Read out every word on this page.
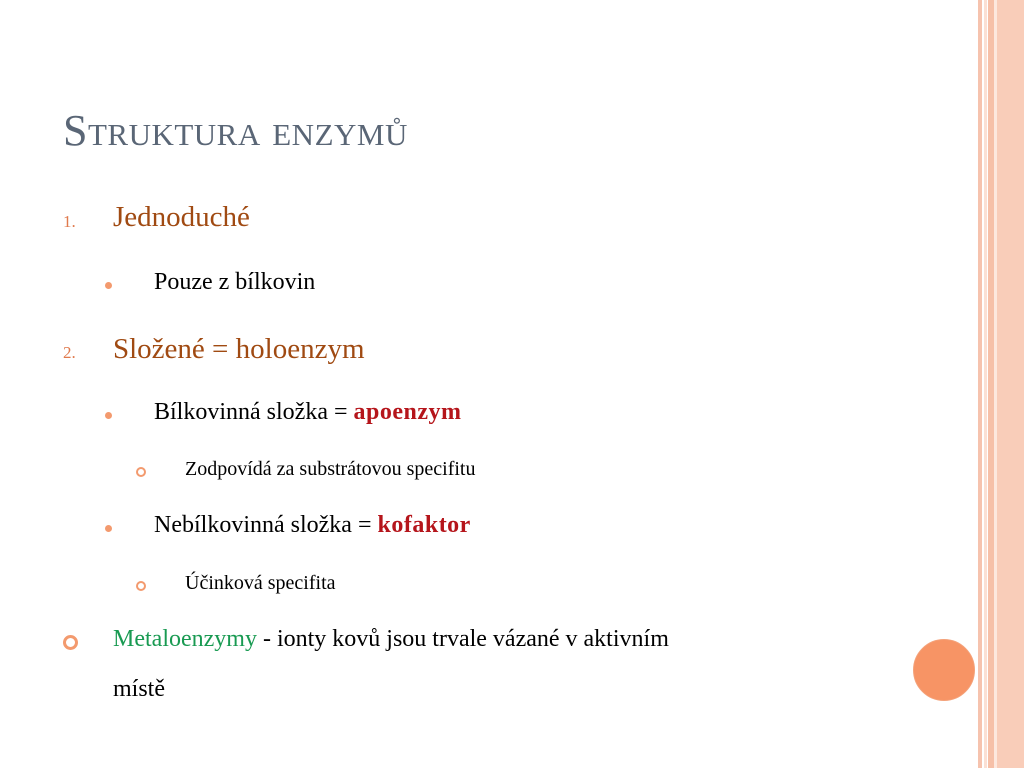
Struktura enzymů
1. Jednoduché
Pouze z bílkovin
2. Složené = holoenzym
Bílkovinná složka = apoenzym
Zodpovídá za substrátovou specifitu
Nebílkovinná složka = kofaktor
Účinková specifita
Metaloenzymy - ionty kovů jsou trvale vázané v aktivním
místě
